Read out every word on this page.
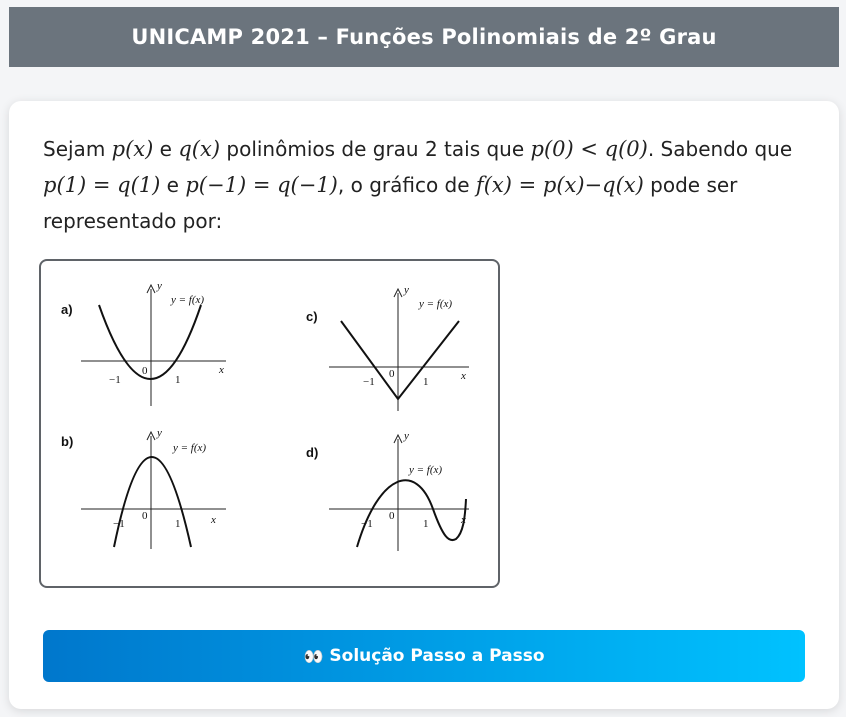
UNICAMP 2021 – Funções Polinomiais de 2º Grau
Sejam p(x) e q(x) polinômios de grau 2 tais que p(0) < q(0). Sabendo que p(1) = q(1) e p(−1) = q(−1), o gráfico de f(x) = p(x)−q(x) pode ser representado por:
a)
y
x
y = f(x)
−1
0
1
c)
y
x
y = f(x)
−1
0
1
b)
y
x
y = f(x)
−1
0
1
d)
y
x
y = f(x)
−1
0
1
👀 Solução Passo a Passo
